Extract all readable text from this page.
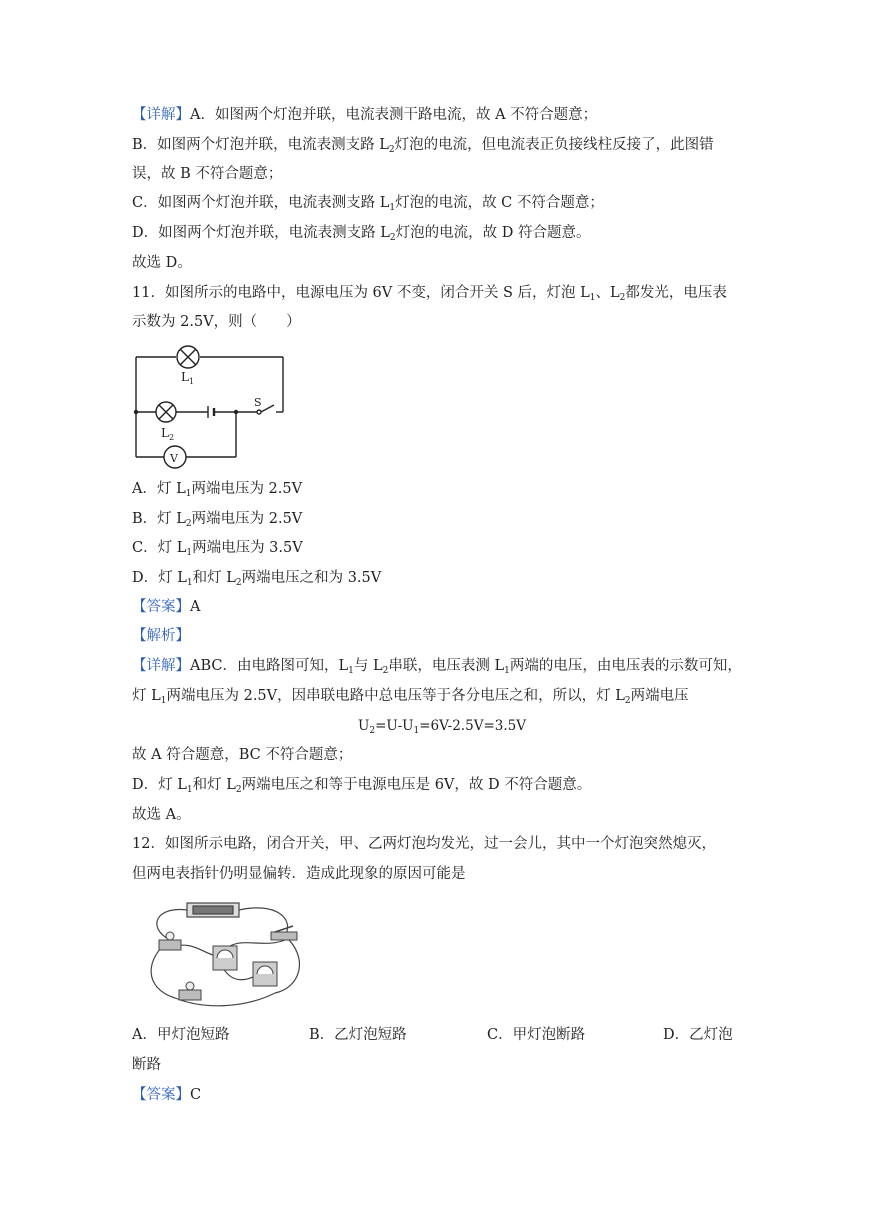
【详解】A．如图两个灯泡并联，电流表测干路电流，故 A 不符合题意；
B．如图两个灯泡并联，电流表测支路 $L_2$灯泡的电流，但电流表正负接线柱反接了，此图错
误，故 B 不符合题意；
C．如图两个灯泡并联，电流表测支路 $L_1$灯泡的电流，故 C 不符合题意；
D．如图两个灯泡并联，电流表测支路 $L_2$灯泡的电流，故 D 符合题意。
故选 D。
11．如图所示的电路中，电源电压为 6V 不变，闭合开关 S 后，灯泡 $L_1$、$L_2$都发光，电压表
示数为 2.5V，则（　　）
V
$L_1$
$L_2$
S
A．灯 $L_1$两端电压为 2.5V
B．灯 $L_2$两端电压为 2.5V
C．灯 $L_1$两端电压为 3.5V
D．灯 $L_1$和灯 $L_2$两端电压之和为 3.5V
【答案】A
【解析】
【详解】ABC．由电路图可知，$L_1$与 $L_2$串联，电压表测 $L_1$两端的电压，由电压表的示数可知，
灯 $L_1$两端电压为 2.5V，因串联电路中总电压等于各分电压之和，所以，灯 $L_2$两端电压
$U_2=U-U_1=6V-2.5V=3.5V$
故 A 符合题意，BC 不符合题意；
D．灯 $L_1$和灯 $L_2$两端电压之和等于电源电压是 6V，故 D 不符合题意。
故选 A。
12．如图所示电路，闭合开关，甲、乙两灯泡均发光，过一会儿，其中一个灯泡突然熄灭，
但两电表指针仍明显偏转．造成此现象的原因可能是
A．甲灯泡短路	B．乙灯泡短路	C．甲灯泡断路	D．乙灯泡
断路
【答案】C
